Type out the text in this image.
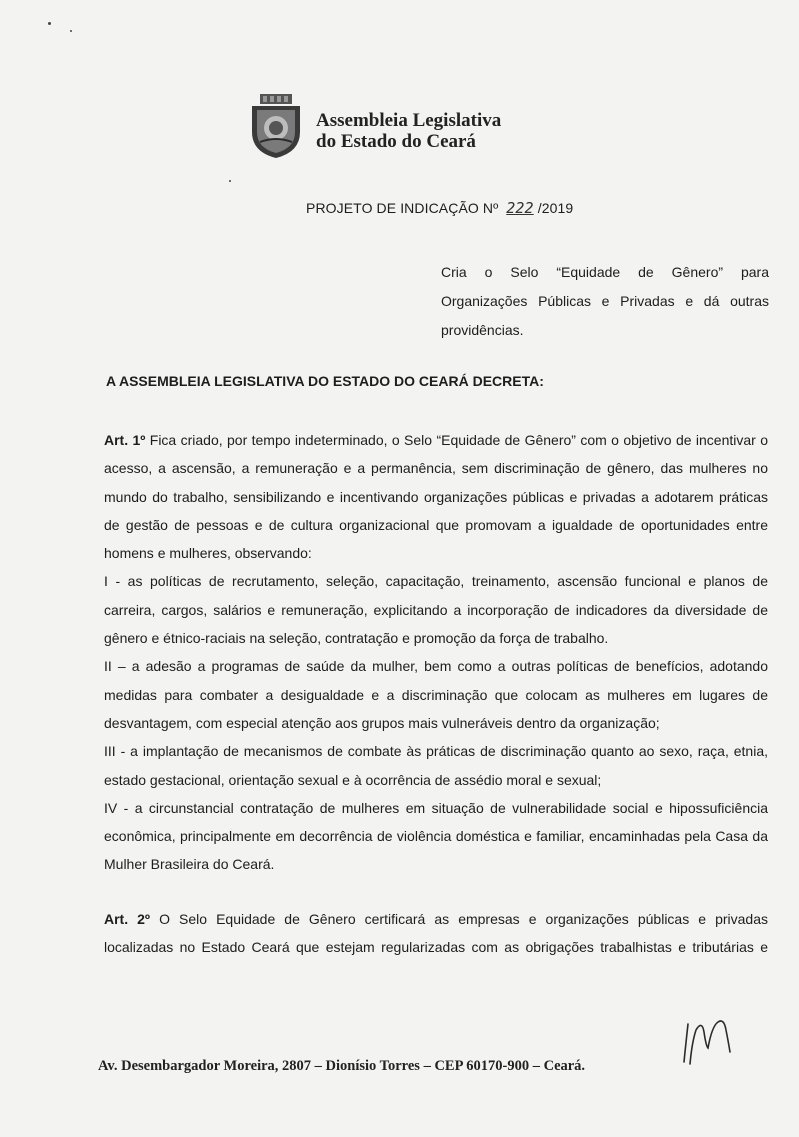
Assembleia Legislativa
do Estado do Ceará
PROJETO DE INDICAÇÃO Nº 222 /2019
Cria o Selo “Equidade de Gênero” para Organizações Públicas e Privadas e dá outras providências.
A ASSEMBLEIA LEGISLATIVA DO ESTADO DO CEARÁ DECRETA:

Art. 1º Fica criado, por tempo indeterminado, o Selo “Equidade de Gênero” com o objetivo de incentivar o acesso, a ascensão, a remuneração e a permanência, sem discriminação de gênero, das mulheres no mundo do trabalho, sensibilizando e incentivando organizações públicas e privadas a adotarem práticas de gestão de pessoas e de cultura organizacional que promovam a igualdade de oportunidades entre homens e mulheres, observando:

I - as políticas de recrutamento, seleção, capacitação, treinamento, ascensão funcional e planos de carreira, cargos, salários e remuneração, explicitando a incorporação de indicadores da diversidade de gênero e étnico-raciais na seleção, contratação e promoção da força de trabalho.

II – a adesão a programas de saúde da mulher, bem como a outras políticas de benefícios, adotando medidas para combater a desigualdade e a discriminação que colocam as mulheres em lugares de desvantagem, com especial atenção aos grupos mais vulneráveis dentro da organização;

III - a implantação de mecanismos de combate às práticas de discriminação quanto ao sexo, raça, etnia, estado gestacional, orientação sexual e à ocorrência de assédio moral e sexual;

IV - a circunstancial contratação de mulheres em situação de vulnerabilidade social e hipossuficiência econômica, principalmente em decorrência de violência doméstica e familiar, encaminhadas pela Casa da Mulher Brasileira do Ceará.

Art. 2º O Selo Equidade de Gênero certificará as empresas e organizações públicas e privadas localizadas no Estado Ceará que estejam regularizadas com as obrigações trabalhistas e tributárias e

Av. Desembargador Moreira, 2807 – Dionísio Torres – CEP 60170-900 – Ceará.
